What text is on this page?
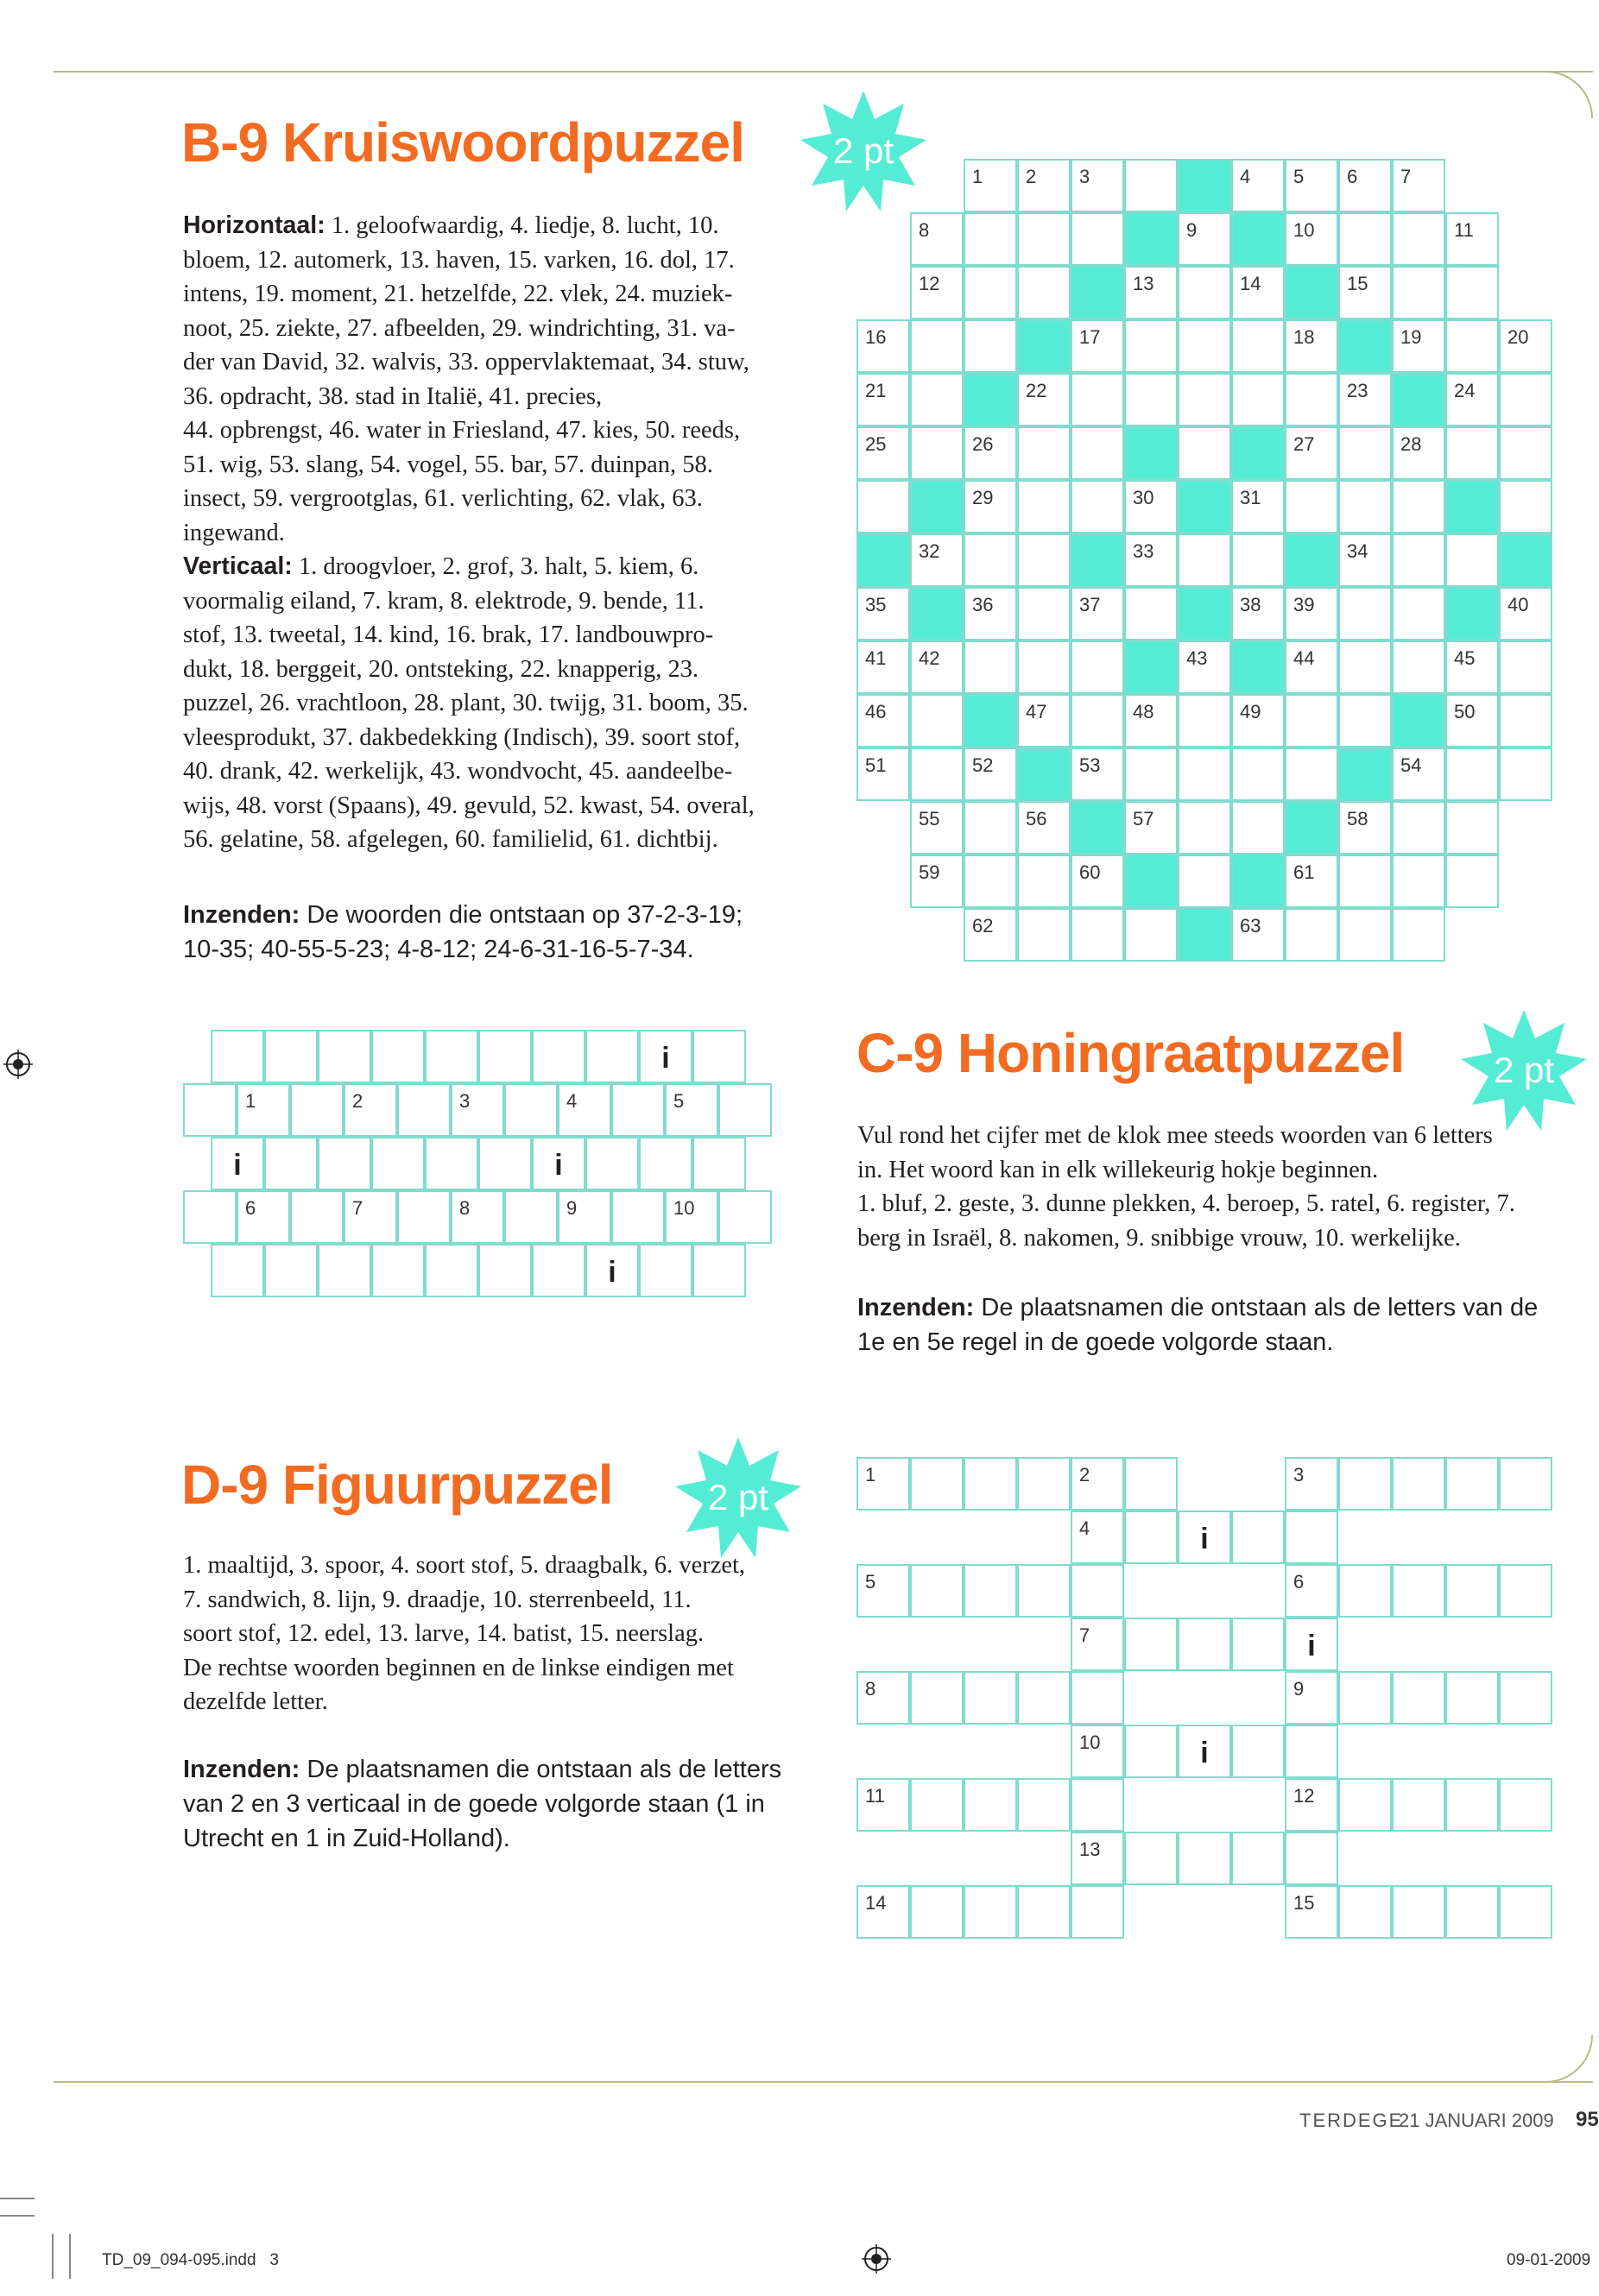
B-9 Kruiswoordpuzzel	2 pt
Horizontaal: 1. geloofwaardig, 4. liedje, 8. lucht, 10.
bloem, 12. automerk, 13. haven, 15. varken, 16. dol, 17.
intens, 19. moment, 21. hetzelfde, 22. vlek, 24. muziek-
noot, 25. ziekte, 27. afbeelden, 29. windrichting, 31. va-
der van David, 32. walvis, 33. oppervlaktemaat, 34. stuw,
36. opdracht, 38. stad in Italië, 41. precies,
44. opbrengst, 46. water in Friesland, 47. kies, 50. reeds,
51. wig, 53. slang, 54. vogel, 55. bar, 57. duinpan, 58.
insect, 59. vergrootglas, 61. verlichting, 62. vlak, 63.
ingewand.
Verticaal: 1. droogvloer, 2. grof, 3. halt, 5. kiem, 6.
voormalig eiland, 7. kram, 8. elektrode, 9. bende, 11.
stof, 13. tweetal, 14. kind, 16. brak, 17. landbouwpro-
dukt, 18. berggeit, 20. ontsteking, 22. knapperig, 23.
puzzel, 26. vrachtloon, 28. plant, 30. twijg, 31. boom, 35.
vleesprodukt, 37. dakbedekking (Indisch), 39. soort stof,
40. drank, 42. werkelijk, 43. wondvocht, 45. aandeelbe-
wijs, 48. vorst (Spaans), 49. gevuld, 52. kwast, 54. overal,
56. gelatine, 58. afgelegen, 60. familielid, 61. dichtbij.
Inzenden: De woorden die ontstaan op 37-2-3-19;
10-35; 40-55-5-23; 4-8-12; 24-6-31-16-5-7-34.
1 2 3	4 5 6 7
8	9	10	11
12	13	14	15
16	17	18	19	20
21	22	23	24
25	26	27	28
29	30	31
32	33	34
35	36	37	38 39	40
41 42	43	44	45
46	47	48	49	50
51	52	53	54
55	56	57	58
59	60	61
62	63
i
1	2	3	4	5
i	i
6	7	8	9	10
i
C-9 Honingraatpuzzel	2 pt
Vul rond het cijfer met de klok mee steeds woorden van 6 letters
in. Het woord kan in elk willekeurig hokje beginnen.
1. bluf, 2. geste, 3. dunne plekken, 4. beroep, 5. ratel, 6. register, 7.
berg in Israël, 8. nakomen, 9. snibbige vrouw, 10. werkelijke.
Inzenden: De plaatsnamen die ontstaan als de letters van de
1e en 5e regel in de goede volgorde staan.
D-9 Figuurpuzzel	2 pt
1. maaltijd, 3. spoor, 4. soort stof, 5. draagbalk, 6. verzet,
7. sandwich, 8. lijn, 9. draadje, 10. sterrenbeeld, 11.
soort stof, 12. edel, 13. larve, 14. batist, 15. neerslag.
De rechtse woorden beginnen en de linkse eindigen met
dezelfde letter.
Inzenden: De plaatsnamen die ontstaan als de letters
van 2 en 3 verticaal in de goede volgorde staan (1 in
Utrecht en 1 in Zuid-Holland).
1	2	3
4	i
5	6
7	i
8	9
10	i
11	12
13
14	15
TERDEGE
21 JANUARI 2009 95
TD_09_094-095.indd   3	09-01-2009
